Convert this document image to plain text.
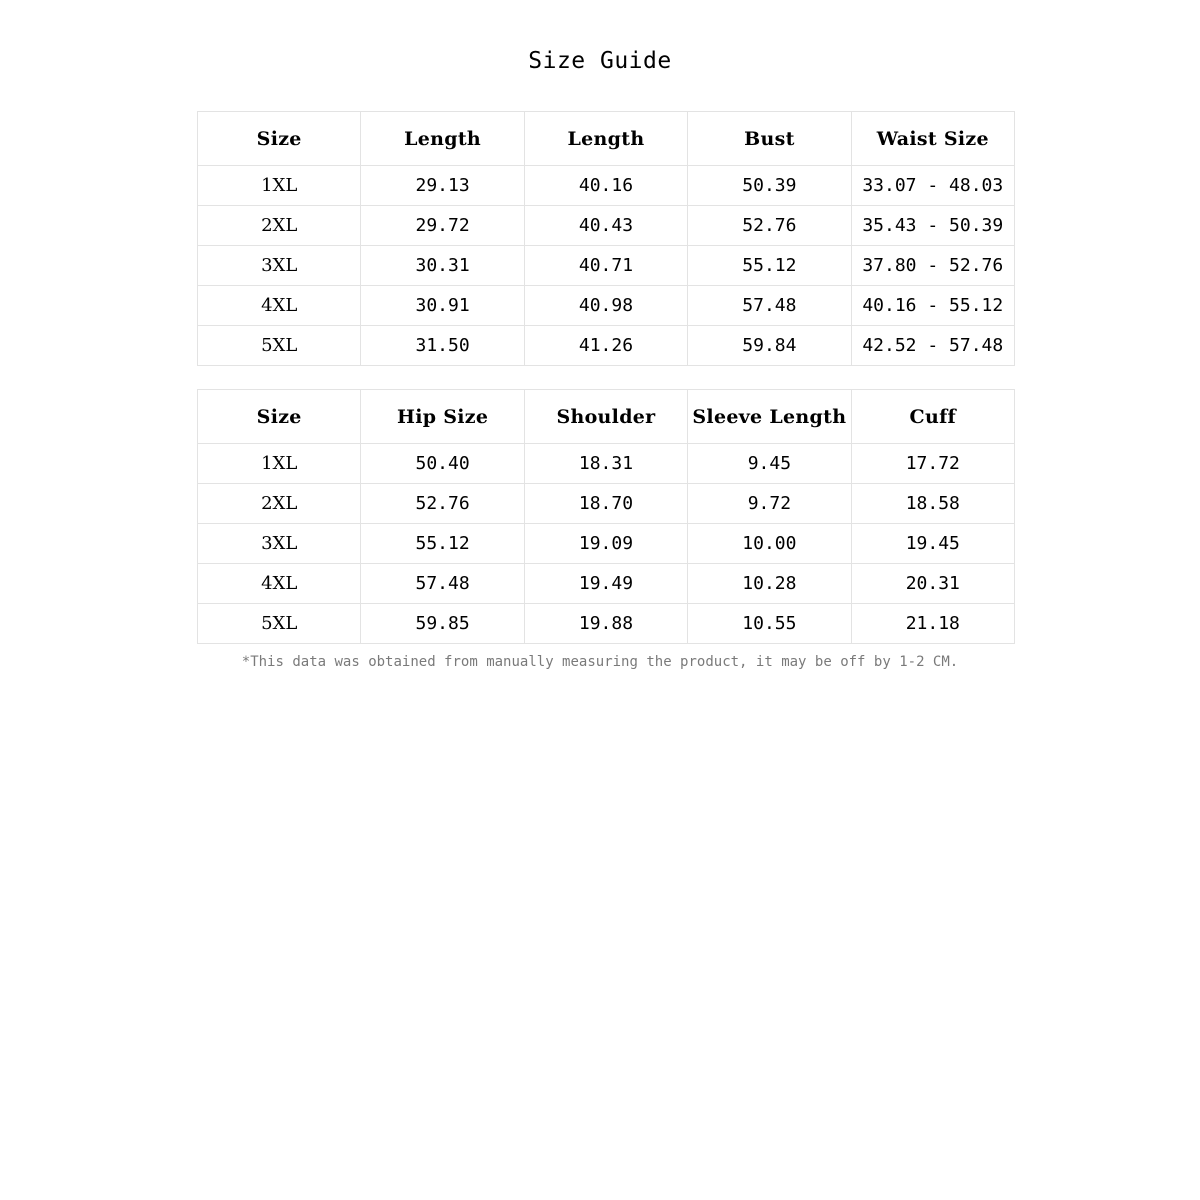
Size Guide
Size	Length	Length	Bust	Waist Size
1XL	29.13	40.16	50.39	33.07 - 48.03
2XL	29.72	40.43	52.76	35.43 - 50.39
3XL	30.31	40.71	55.12	37.80 - 52.76
4XL	30.91	40.98	57.48	40.16 - 55.12
5XL	31.50	41.26	59.84	42.52 - 57.48
Size	Hip Size	Shoulder	Sleeve Length	Cuff
1XL	50.40	18.31	9.45	17.72
2XL	52.76	18.70	9.72	18.58
3XL	55.12	19.09	10.00	19.45
4XL	57.48	19.49	10.28	20.31
5XL	59.85	19.88	10.55	21.18
*This data was obtained from manually measuring the product, it may be off by 1-2 CM.
